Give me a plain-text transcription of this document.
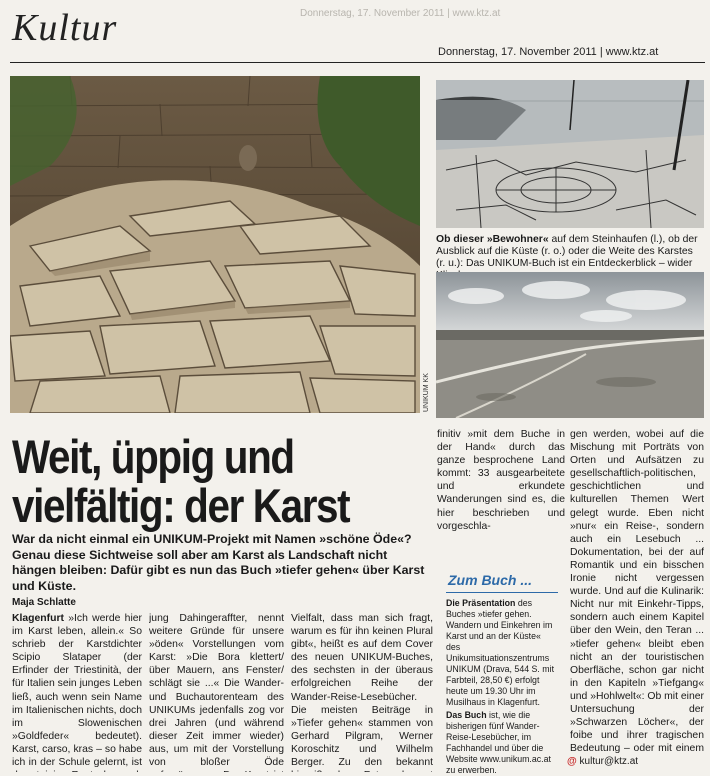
Donnerstag, 17. November 2011 | www.ktz.at
Kultur
Donnerstag, 17. November 2011 | www.ktz.at
UNIKUM KK
Ob dieser »Bewohner« auf dem Steinhaufen (l.), ob der Ausblick auf die Küste (r. o.) oder die Weite des Karstes (r. u.): Das UNIKUM-Buch ist ein Entdeckerblick – wider
Weit, üppig und vielfältig: der Karst
War da nicht einmal ein UNIKUM-Projekt mit Namen »schöne Öde«? Genau diese Sichtweise soll aber am Karst als Landschaft nicht hängen bleiben: Dafür gibt es nun das Buch »tiefer gehen« über Karst und Küste.
Maja Schlatte
Klagenfurt »Ich werde hier im Karst leben, allein.« So schrieb der Karstdichter Scipio Slataper (der Erfinder der Triestinità, der für Italien sein junges Leben ließ, auch wenn sein Name im Italienischen nichts, doch im Slowenischen »Goldfeder« bedeutet). Karst, carso, kras – so habe ich in der Schule gelernt, ist
jung Dahingeraffter, nennt weitere Gründe für unsere »öden« Vorstellungen vom Karst: »Die Bora klettert/ über Mauern, ans Fenster/ schlägt sie ...« Die Wander- und Buchautorenteam des UNIKUMs jedenfalls zog vor drei Jahren (und während dieser Zeit immer wieder) aus, um mit der Vorstellung von bloßer Öde
Vielfalt, dass man sich fragt, warum es für ihn keinen Plural gibt«, heißt es auf dem Cover des neuen UNIKUM-Buches, des sechsten in der überaus erfolgreichen Reihe der Wander-Reise-Lesebücher. Die meisten Beiträge in »Tiefer gehen« stammen von Gerhard Pilgram, Werner Koroschitz und Wilhelm Berger. Zu den bekannt
finitiv »mit dem Buche in der Hand« durch das ganze besprochene Land kommt: 33 ausgearbeitete und erkundete Wanderungen sind es, die hier beschrieben und vorgeschla-
gen werden, wobei auf die Mischung mit Porträts von Orten und Aufsätzen zu gesellschaftlich-politischen, geschichtlichen und kulturellen Themen Wert gelegt wurde. Eben nicht »nur« ein Reise-, sondern auch ein Lesebuch ... Dokumentation, bei der auf Romantik und ein bisschen Ironie nicht vergessen wurde. Und auf die Kulinarik: Nicht nur mit Einkehr-Tipps, sondern auch einem Kapitel über den Wein, den Teran ... »tiefer gehen« bleibt eben nicht an der touristischen Oberfläche, schon gar nicht in den Kapiteln »Tiefgang« und »Hohlwelt«: Ob mit einer Untersuchung der »Schwarzen Löcher«, der foibe und ihrer tragischen Bedeutung – oder mit einem
Zum Buch ...
Die Präsentation des Buches »tiefer gehen. Wandern und Einkehren im Karst und an der Küste« des Unikumsituationszentrums UNIKUM (Drava, 544 S. mit Farbteil, 28,50 €) erfolgt heute um 19.30 Uhr im Musilhaus in Klagenfurt.
Das Buch ist, wie die bisherigen fünf Wander-Reise-Lesebücher, im Fachhandel und über die Website www.unikum.ac.at zu erwerben.
@ kultur@ktz.at
